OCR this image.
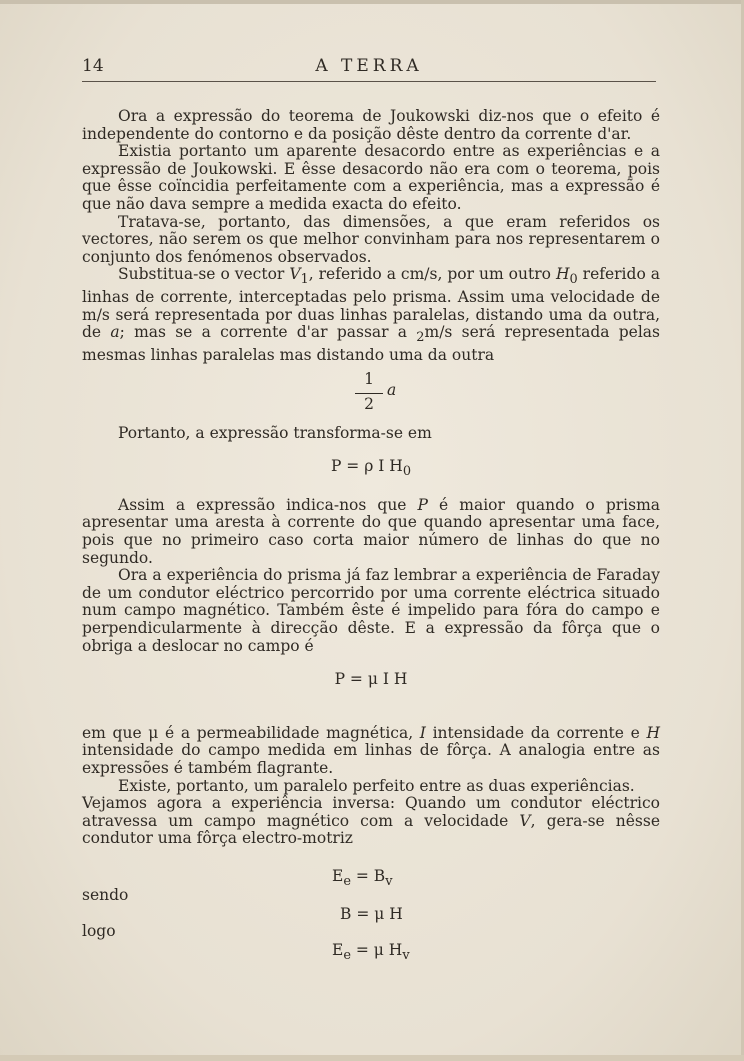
14	A TERRA

Ora a expressão do teorema de Joukowski diz-nos que o efeito é independente do contorno e da posição dêste dentro da corrente d'ar.

Existia portanto um aparente desacordo entre as experiências e a expressão de Joukowski. E êsse desacordo não era com o teorema, pois que êsse coïncidia perfeitamente com a experiência, mas a expressão é que não dava sempre a medida exacta do efeito.

Tratava-se, portanto, das dimensões, a que eram referidos os vectores, não serem os que melhor convinham para nos representarem o conjunto dos fenómenos observados.

Substitua-se o vector $V_1$, referido a cm/s, por um outro $H_0$ referido a linhas de corrente, interceptadas pelo prisma. Assim uma velocidade de m/s será representada por duas linhas paralelas, distando uma da outra, de a; mas se a corrente d'ar passar a $_2$m/s será representada pelas mesmas linhas paralelas mas distando uma da outra

1
2
a

Portanto, a expressão transforma-se em

P = ρ I $H_0$

Assim a expressão indica-nos que P é maior quando o prisma apresentar uma aresta à corrente do que quando apresentar uma face, pois que no primeiro caso corta maior número de linhas do que no segundo.

Ora a experiência do prisma já faz lembrar a experiência de Faraday de um condutor eléctrico percorrido por uma corrente eléctrica situado num campo magnético. Também êste é impelido para fóra do campo e perpendicularmente à direcção dêste. E a expressão da fôrça que o obriga a deslocar no campo é

P = μ I H

em que μ é a permeabilidade magnética, I intensidade da corrente e H intensidade do campo medida em linhas de fôrça. A analogia entre as expressões é também flagrante.

Existe, portanto, um paralelo perfeito entre as duas experiências.

Vejamos agora a experiência inversa: Quando um condutor eléctrico atravessa um campo magnético com a velocidade V, gera-se nêsse condutor uma fôrça electro-motriz

$E_e = B_v$
sendo
B = μ H
logo
$E_e = \mu$ $H_v$
